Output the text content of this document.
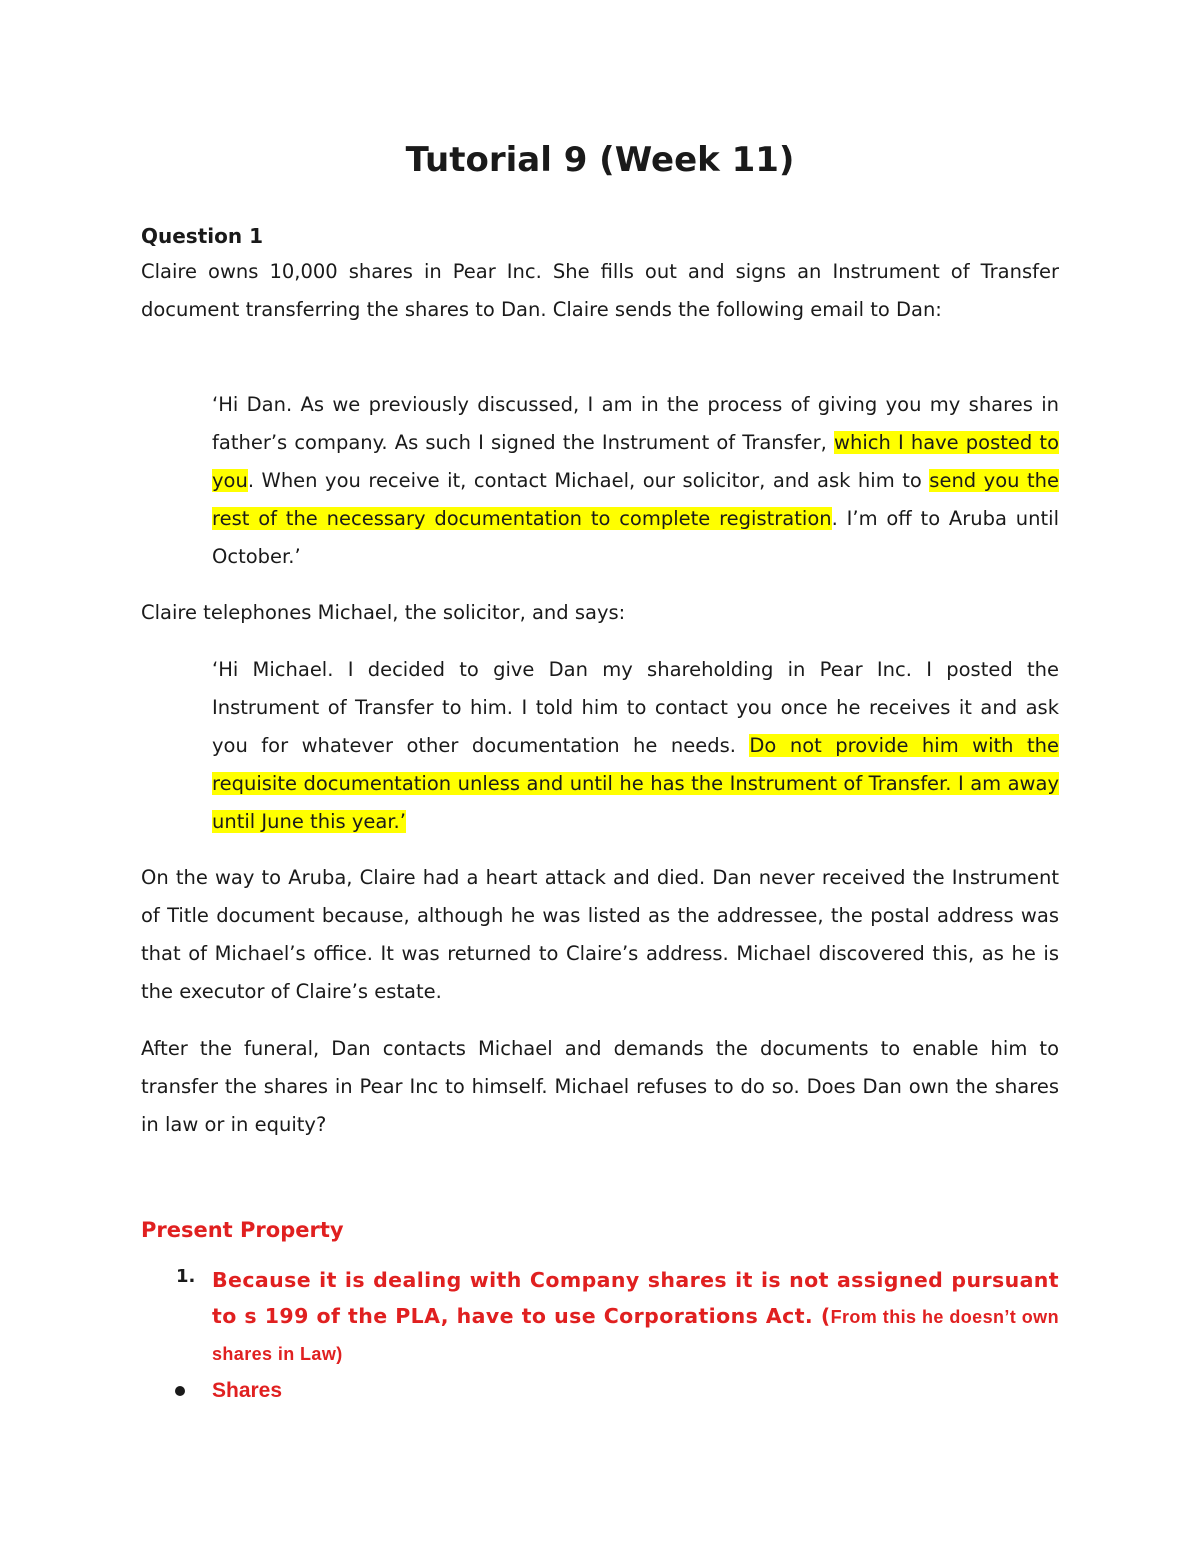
Tutorial 9 (Week 11)
Question 1

Claire owns 10,000 shares in Pear Inc. She fills out and signs an Instrument of Transfer document transferring the shares to Dan. Claire sends the following email to Dan:

‘Hi Dan. As we previously discussed, I am in the process of giving you my shares in father’s company. As such I signed the Instrument of Transfer, which I have posted to you. When you receive it, contact Michael, our solicitor, and ask him to send you the rest of the necessary documentation to complete registration. I’m off to Aruba until October.’

Claire telephones Michael, the solicitor, and says:

‘Hi Michael. I decided to give Dan my shareholding in Pear Inc. I posted the Instrument of Transfer to him. I told him to contact you once he receives it and ask you for whatever other documentation he needs. Do not provide him with the requisite documentation unless and until he has the Instrument of Transfer. I am away until June this year.’

On the way to Aruba, Claire had a heart attack and died. Dan never received the Instrument of Title document because, although he was listed as the addressee, the postal address was that of Michael’s office. It was returned to Claire’s address. Michael discovered this, as he is the executor of Claire’s estate.

After the funeral, Dan contacts Michael and demands the documents to enable him to transfer the shares in Pear Inc to himself. Michael refuses to do so. Does Dan own the shares in law or in equity?

Present Property
1. Because it is dealing with Company shares it is not assigned pursuant to s 199 of the PLA, have to use Corporations Act. (From this he doesn’t own shares in Law)
Shares
